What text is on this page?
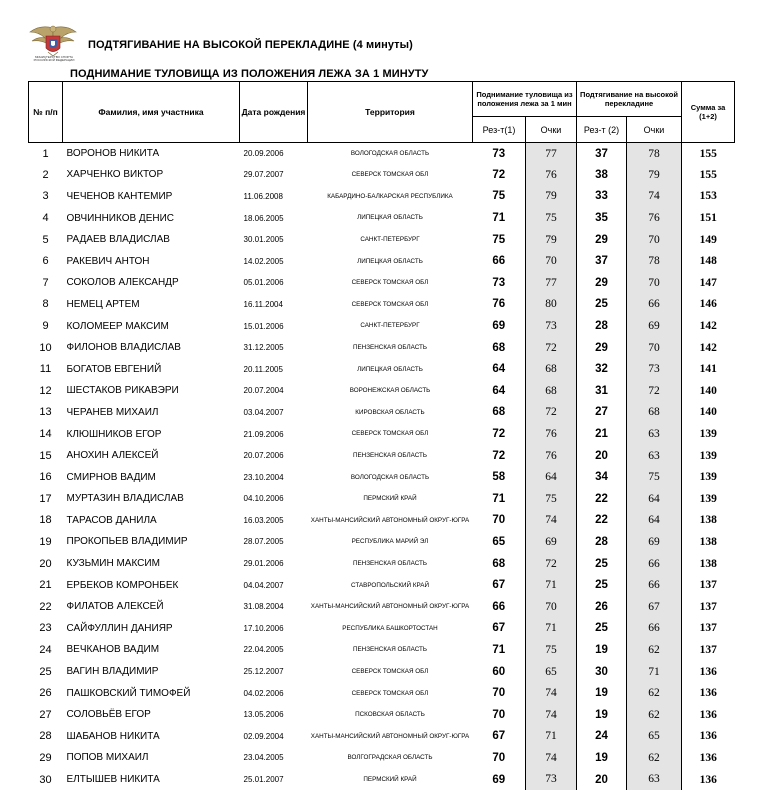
МИНИСТЕРСТВО СПОРТА РОССИЙСКОЙ ФЕДЕРАЦИИ
ПОДТЯГИВАНИЕ НА ВЫСОКОЙ ПЕРЕКЛАДИНЕ (4 минуты)
ПОДНИМАНИЕ ТУЛОВИЩА ИЗ ПОЛОЖЕНИЯ ЛЕЖА ЗА 1 МИНУТУ
№ п/п	Фамилия, имя участника	Дата рождения	Территория	Поднимание туловища из положения лежа за 1 мин		Подтягивание на высокой перекладине		Сумма за (1+2)
				Рез-т(1)	Очки	Рез-т (2)	Очки	
1	ВОРОНОВ НИКИТА	20.09.2006	ВОЛОГОДСКАЯ ОБЛАСТЬ	73	77	37	78	155
2	ХАРЧЕНКО ВИКТОР	29.07.2007	СЕВЕРСК ТОМСКАЯ ОБЛ	72	76	38	79	155
3	ЧЕЧЕНОВ КАНТЕМИР	11.06.2008	КАБАРДИНО-БАЛКАРСКАЯ РЕСПУБЛИКА	75	79	33	74	153
4	ОВЧИННИКОВ ДЕНИС	18.06.2005	ЛИПЕЦКАЯ ОБЛАСТЬ	71	75	35	76	151
5	РАДАЕВ ВЛАДИСЛАВ	30.01.2005	САНКТ-ПЕТЕРБУРГ	75	79	29	70	149
6	РАКЕВИЧ АНТОН	14.02.2005	ЛИПЕЦКАЯ ОБЛАСТЬ	66	70	37	78	148
7	СОКОЛОВ АЛЕКСАНДР	05.01.2006	СЕВЕРСК ТОМСКАЯ ОБЛ	73	77	29	70	147
8	НЕМЕЦ АРТЕМ	16.11.2004	СЕВЕРСК ТОМСКАЯ ОБЛ	76	80	25	66	146
9	КОЛОМЕЕР МАКСИМ	15.01.2006	САНКТ-ПЕТЕРБУРГ	69	73	28	69	142
10	ФИЛОНОВ ВЛАДИСЛАВ	31.12.2005	ПЕНЗЕНСКАЯ ОБЛАСТЬ	68	72	29	70	142
11	БОГАТОВ ЕВГЕНИЙ	20.11.2005	ЛИПЕЦКАЯ ОБЛАСТЬ	64	68	32	73	141
12	ШЕСТАКОВ РИКАВЭРИ	20.07.2004	ВОРОНЕЖСКАЯ ОБЛАСТЬ	64	68	31	72	140
13	ЧЕРАНЕВ МИХАИЛ	03.04.2007	КИРОВСКАЯ ОБЛАСТЬ	68	72	27	68	140
14	КЛЮШНИКОВ ЕГОР	21.09.2006	СЕВЕРСК ТОМСКАЯ ОБЛ	72	76	21	63	139
15	АНОХИН АЛЕКСЕЙ	20.07.2006	ПЕНЗЕНСКАЯ ОБЛАСТЬ	72	76	20	63	139
16	СМИРНОВ ВАДИМ	23.10.2004	ВОЛОГОДСКАЯ ОБЛАСТЬ	58	64	34	75	139
17	МУРТАЗИН ВЛАДИСЛАВ	04.10.2006	ПЕРМСКИЙ КРАЙ	71	75	22	64	139
18	ТАРАСОВ ДАНИЛА	16.03.2005	ХАНТЫ-МАНСИЙСКИЙ АВТОНОМНЫЙ ОКРУГ-ЮГРА	70	74	22	64	138
19	ПРОКОПЬЕВ ВЛАДИМИР	28.07.2005	РЕСПУБЛИКА МАРИЙ ЭЛ	65	69	28	69	138
20	КУЗЬМИН МАКСИМ	29.01.2006	ПЕНЗЕНСКАЯ ОБЛАСТЬ	68	72	25	66	138
21	ЕРБЕКОВ КОМРОНБЕК	04.04.2007	СТАВРОПОЛЬСКИЙ КРАЙ	67	71	25	66	137
22	ФИЛАТОВ АЛЕКСЕЙ	31.08.2004	ХАНТЫ-МАНСИЙСКИЙ АВТОНОМНЫЙ ОКРУГ-ЮГРА	66	70	26	67	137
23	САЙФУЛЛИН ДАНИЯР	17.10.2006	РЕСПУБЛИКА БАШКОРТОСТАН	67	71	25	66	137
24	ВЕЧКАНОВ ВАДИМ	22.04.2005	ПЕНЗЕНСКАЯ ОБЛАСТЬ	71	75	19	62	137
25	ВАГИН ВЛАДИМИР	25.12.2007	СЕВЕРСК ТОМСКАЯ ОБЛ	60	65	30	71	136
26	ПАШКОВСКИЙ ТИМОФЕЙ	04.02.2006	СЕВЕРСК ТОМСКАЯ ОБЛ	70	74	19	62	136
27	СОЛОВЬЁВ ЕГОР	13.05.2006	ПСКОВСКАЯ ОБЛАСТЬ	70	74	19	62	136
28	ШАБАНОВ НИКИТА	02.09.2004	ХАНТЫ-МАНСИЙСКИЙ АВТОНОМНЫЙ ОКРУГ-ЮГРА	67	71	24	65	136
29	ПОПОВ МИХАИЛ	23.04.2005	ВОЛГОГРАДСКАЯ ОБЛАСТЬ	70	74	19	62	136
30	ЕЛТЫШЕВ НИКИТА	25.01.2007	ПЕРМСКИЙ КРАЙ	69	73	20	63	136
